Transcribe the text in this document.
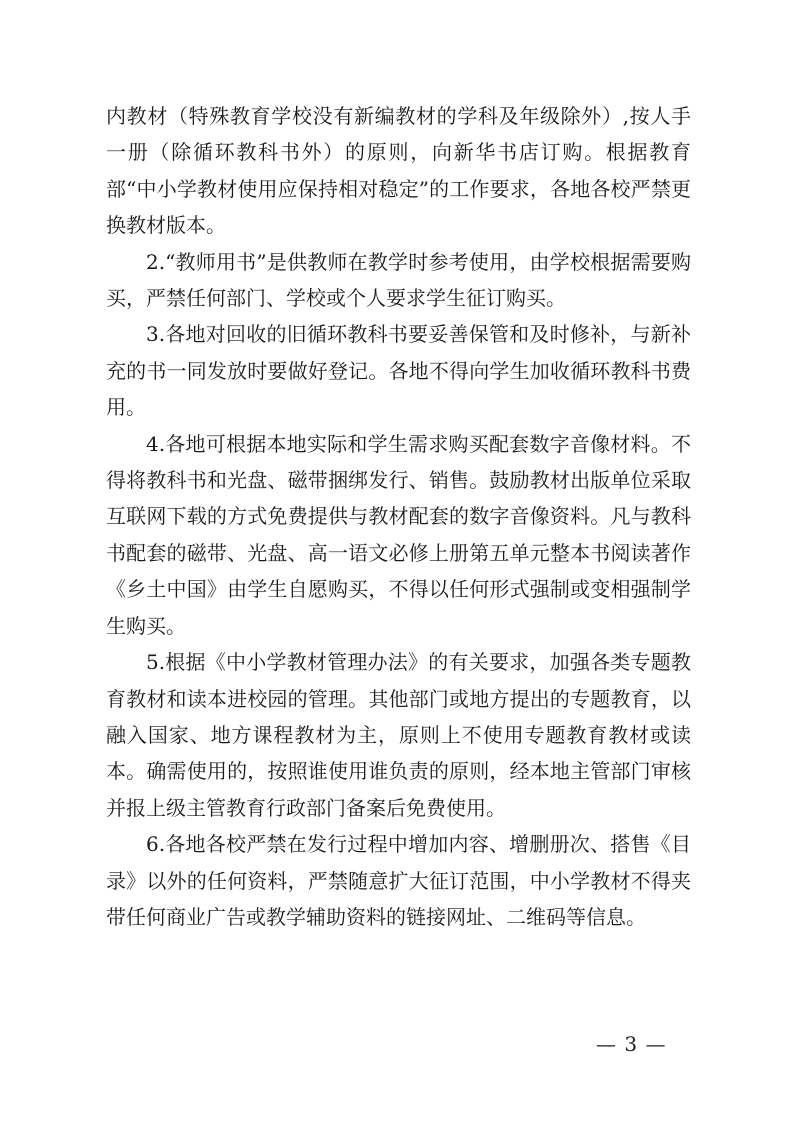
内教材（特殊教育学校没有新编教材的学科及年级除外）,按人手一册（除循环教科书外）的原则，向新华书店订购。根据教育部“中小学教材使用应保持相对稳定”的工作要求，各地各校严禁更换教材版本。

2.“教师用书”是供教师在教学时参考使用，由学校根据需要购买，严禁任何部门、学校或个人要求学生征订购买。

3.各地对回收的旧循环教科书要妥善保管和及时修补，与新补充的书一同发放时要做好登记。各地不得向学生加收循环教科书费用。

4.各地可根据本地实际和学生需求购买配套数字音像材料。不得将教科书和光盘、磁带捆绑发行、销售。鼓励教材出版单位采取互联网下载的方式免费提供与教材配套的数字音像资料。凡与教科书配套的磁带、光盘、高一语文必修上册第五单元整本书阅读著作《乡土中国》由学生自愿购买，不得以任何形式强制或变相强制学生购买。

5.根据《中小学教材管理办法》的有关要求，加强各类专题教育教材和读本进校园的管理。其他部门或地方提出的专题教育，以融入国家、地方课程教材为主，原则上不使用专题教育教材或读本。确需使用的，按照谁使用谁负责的原则，经本地主管部门审核并报上级主管教育行政部门备案后免费使用。

6.各地各校严禁在发行过程中增加内容、增删册次、搭售《目录》以外的任何资料，严禁随意扩大征订范围，中小学教材不得夹带任何商业广告或教学辅助资料的链接网址、二维码等信息。

— 3 —
